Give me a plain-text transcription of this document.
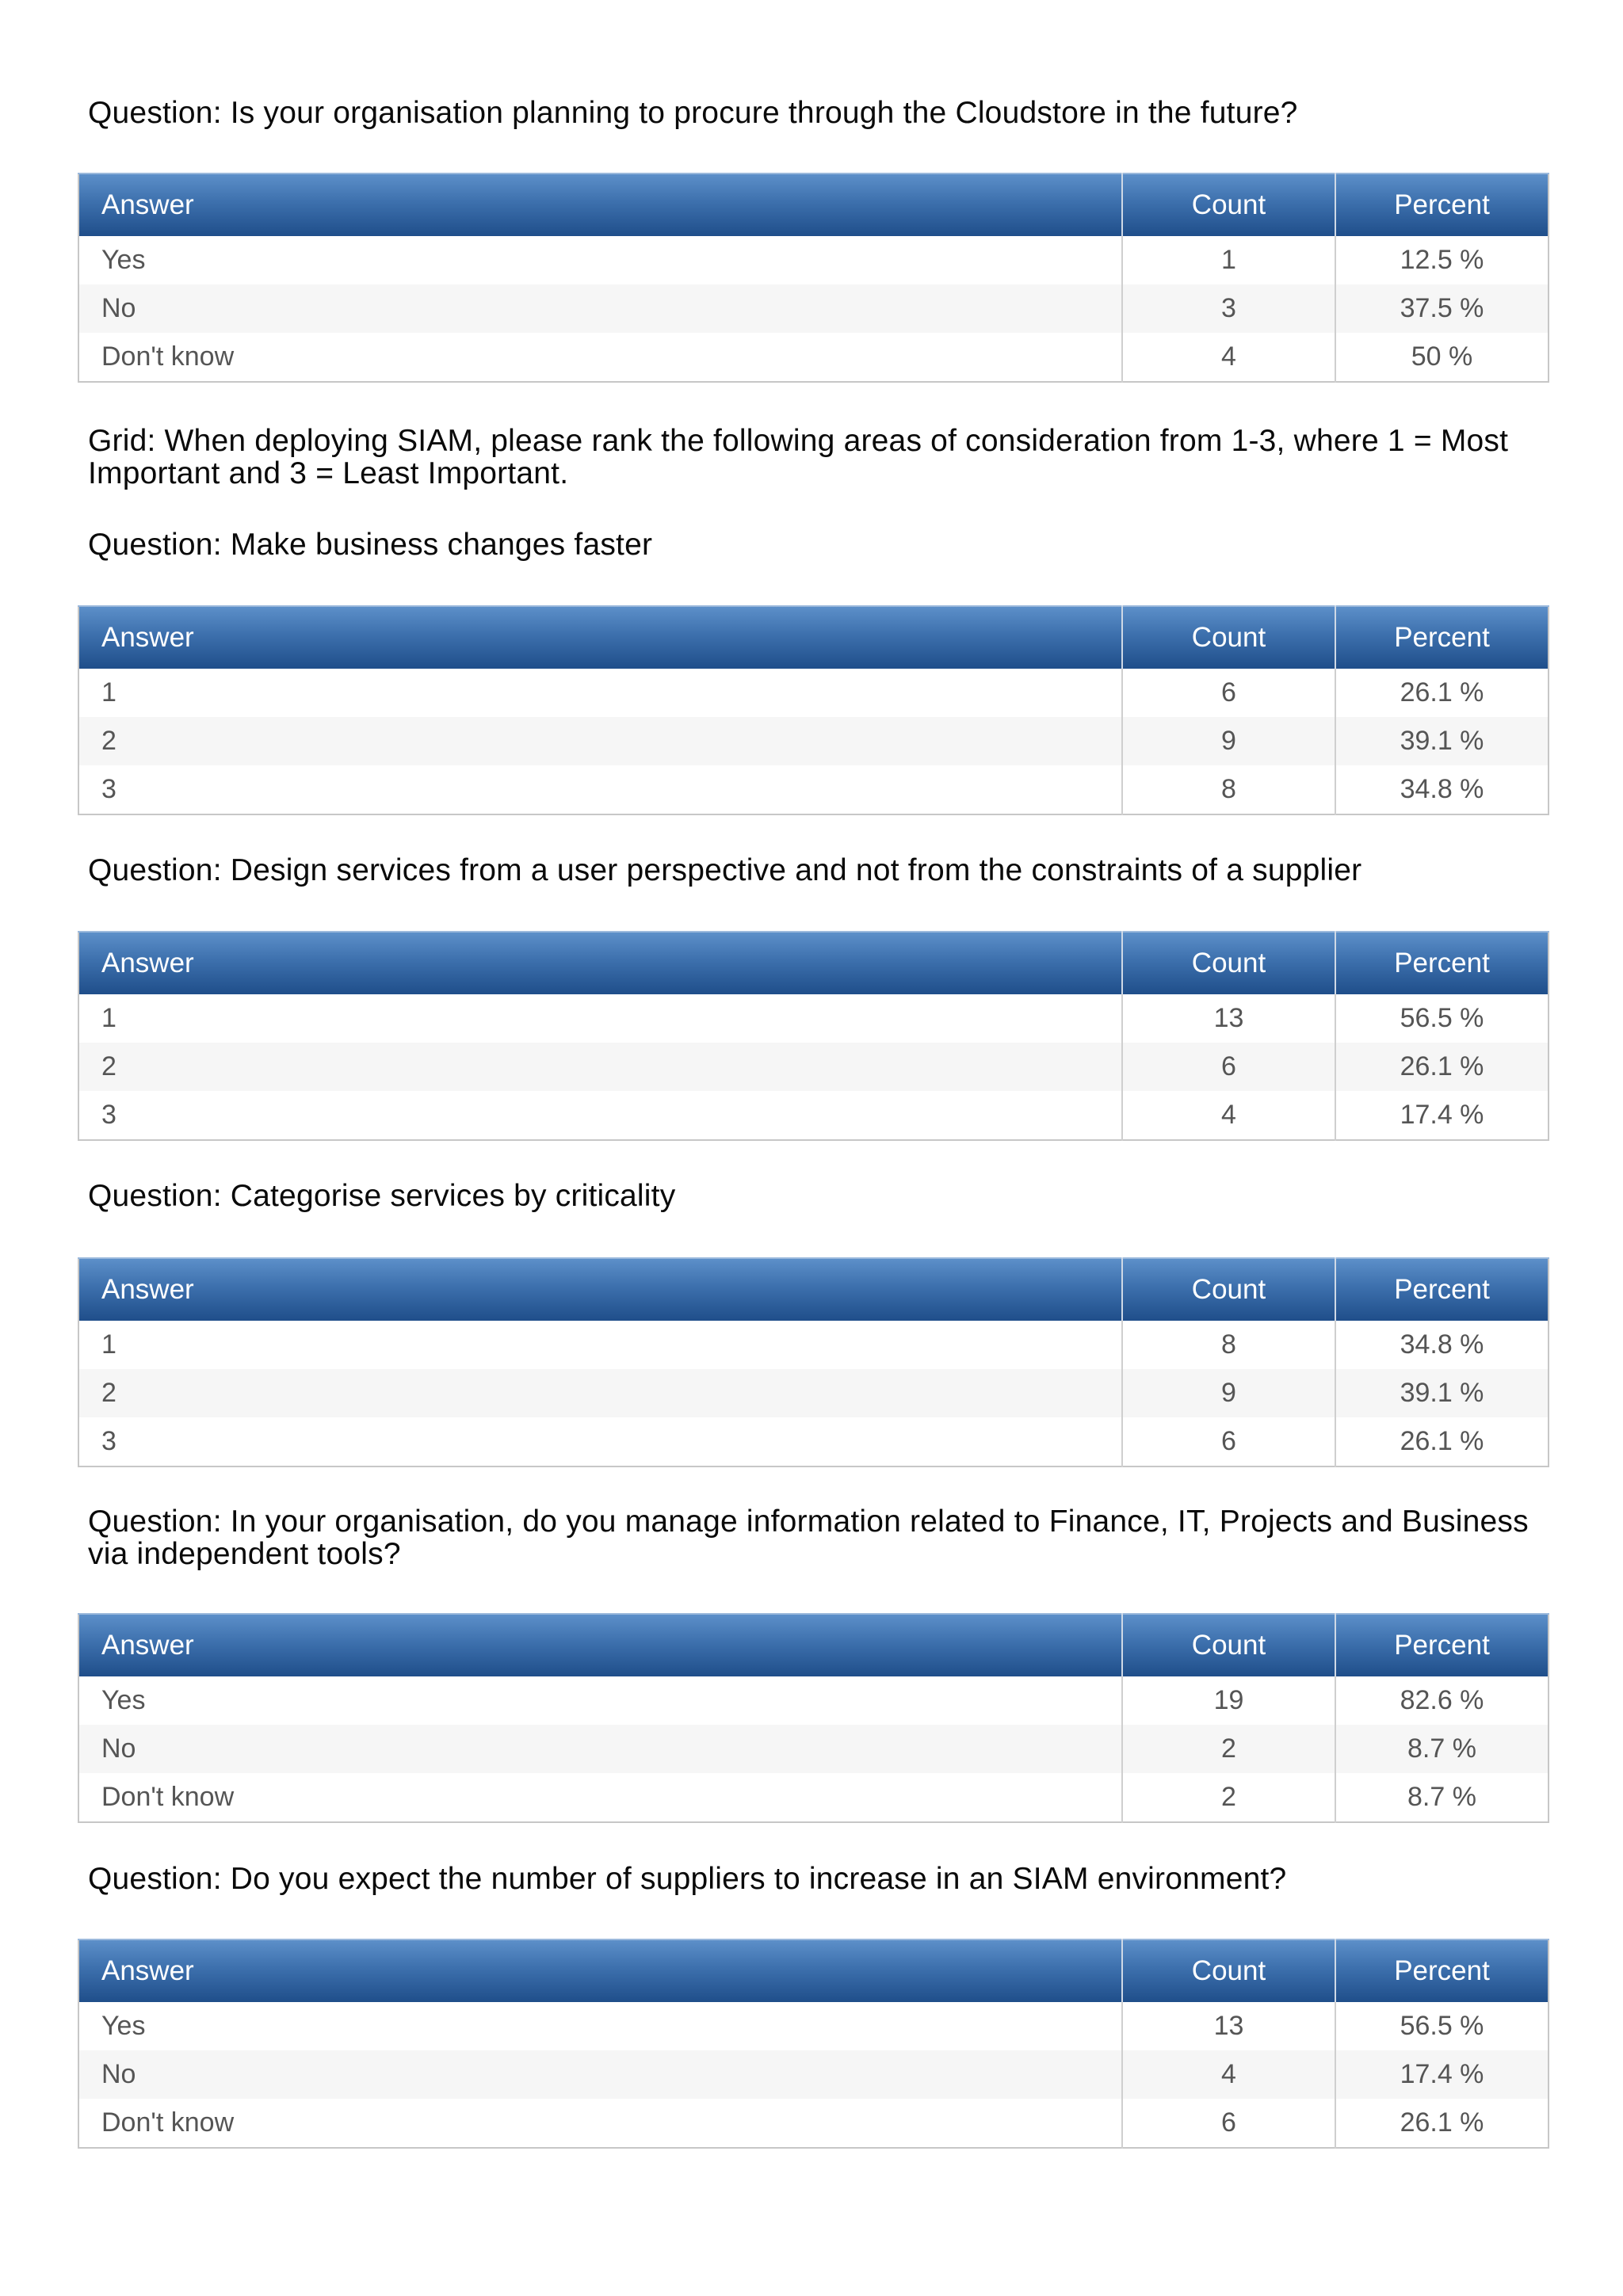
Question: Is your organisation planning to procure through the Cloudstore in the future?
Answer	Count	Percent
Yes	1	12.5 %
No	3	37.5 %
Don't know	4	50 %
Grid: When deploying SIAM, please rank the following areas of consideration from 1-3, where 1 = Most Important and 3 = Least Important.
Question: Make business changes faster
Answer	Count	Percent
1	6	26.1 %
2	9	39.1 %
3	8	34.8 %
Question: Design services from a user perspective and not from the constraints of a supplier
Answer	Count	Percent
1	13	56.5 %
2	6	26.1 %
3	4	17.4 %
Question: Categorise services by criticality
Answer	Count	Percent
1	8	34.8 %
2	9	39.1 %
3	6	26.1 %
Question: In your organisation, do you manage information related to Finance, IT, Projects and Business via independent tools?
Answer	Count	Percent
Yes	19	82.6 %
No	2	8.7 %
Don't know	2	8.7 %
Question: Do you expect the number of suppliers to increase in an SIAM environment?
Answer	Count	Percent
Yes	13	56.5 %
No	4	17.4 %
Don't know	6	26.1 %
